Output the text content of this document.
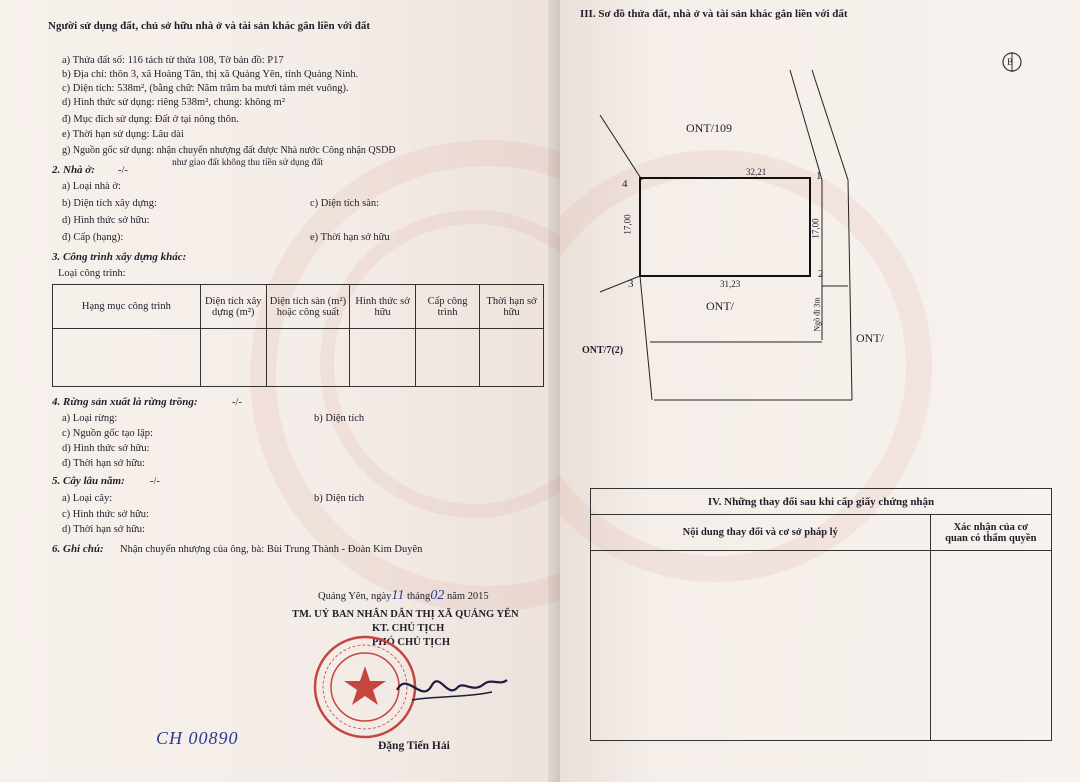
Người sử dụng đất, chủ sở hữu nhà ở và tài sản khác gắn liền với đất
a) Thửa đất số: 116 tách từ thửa 108, Tờ bản đồ: P17
b) Địa chỉ: thôn 3, xã Hoàng Tân, thị xã Quảng Yên, tỉnh Quảng Ninh.
c) Diện tích: 538m², (bằng chữ: Năm trăm ba mươi tám mét vuông).
d) Hình thức sử dụng: riêng 538m², chung: không m²
đ) Mục đích sử dụng: Đất ở tại nông thôn.
e) Thời hạn sử dụng: Lâu dài
g) Nguồn gốc sử dụng: nhận chuyển nhượng đất được Nhà nước Công nhận QSDĐ
như giao đất không thu tiền sử dụng đất
2. Nhà ở: -/-
a) Loại nhà ở:
b) Diện tích xây dựng:	c) Diện tích sàn:
d) Hình thức sở hữu:
đ) Cấp (hạng):	e) Thời hạn sở hữu
3. Công trình xây dựng khác:
Loại công trình:
Hạng mục công trình	Diện tích xây dựng (m²)	Diện tích sàn (m²) hoặc công suất	Hình thức sở hữu	Cấp công trình	Thời hạn sở hữu

4. Rừng sản xuất là rừng trồng:	-/-
a) Loại rừng:	b) Diện tích
c) Nguồn gốc tạo lập:
d) Hình thức sở hữu:
đ) Thời hạn sở hữu:
5. Cây lâu năm: -/-
a) Loại cây:	b) Diện tích
c) Hình thức sở hữu:
d) Thời hạn sở hữu:
6. Ghi chú: Nhận chuyển nhượng của ông, bà: Bùi Trung Thành - Đoàn Kim Duyên
Quảng Yên, ngày11 tháng02 năm 2015
TM. UỶ BAN NHÂN DÂN THỊ XÃ QUẢNG YÊN
KT. CHỦ TỊCH
PHÓ CHỦ TỊCH
Đặng Tiến Hải
CH 00890
III. Sơ đồ thửa đất, nhà ở và tài sản khác gắn liền với đất
B
ONT/109
32,21	1
4
17,00	17,00
31,23
2
3
ONT/	Ngõ đi 3m
ONT/
ONT/7(2)
IV. Những thay đổi sau khi cấp giấy chứng nhận	
Nội dung thay đổi và cơ sở pháp lý	Xác nhận của cơ
quan có thẩm quyền
